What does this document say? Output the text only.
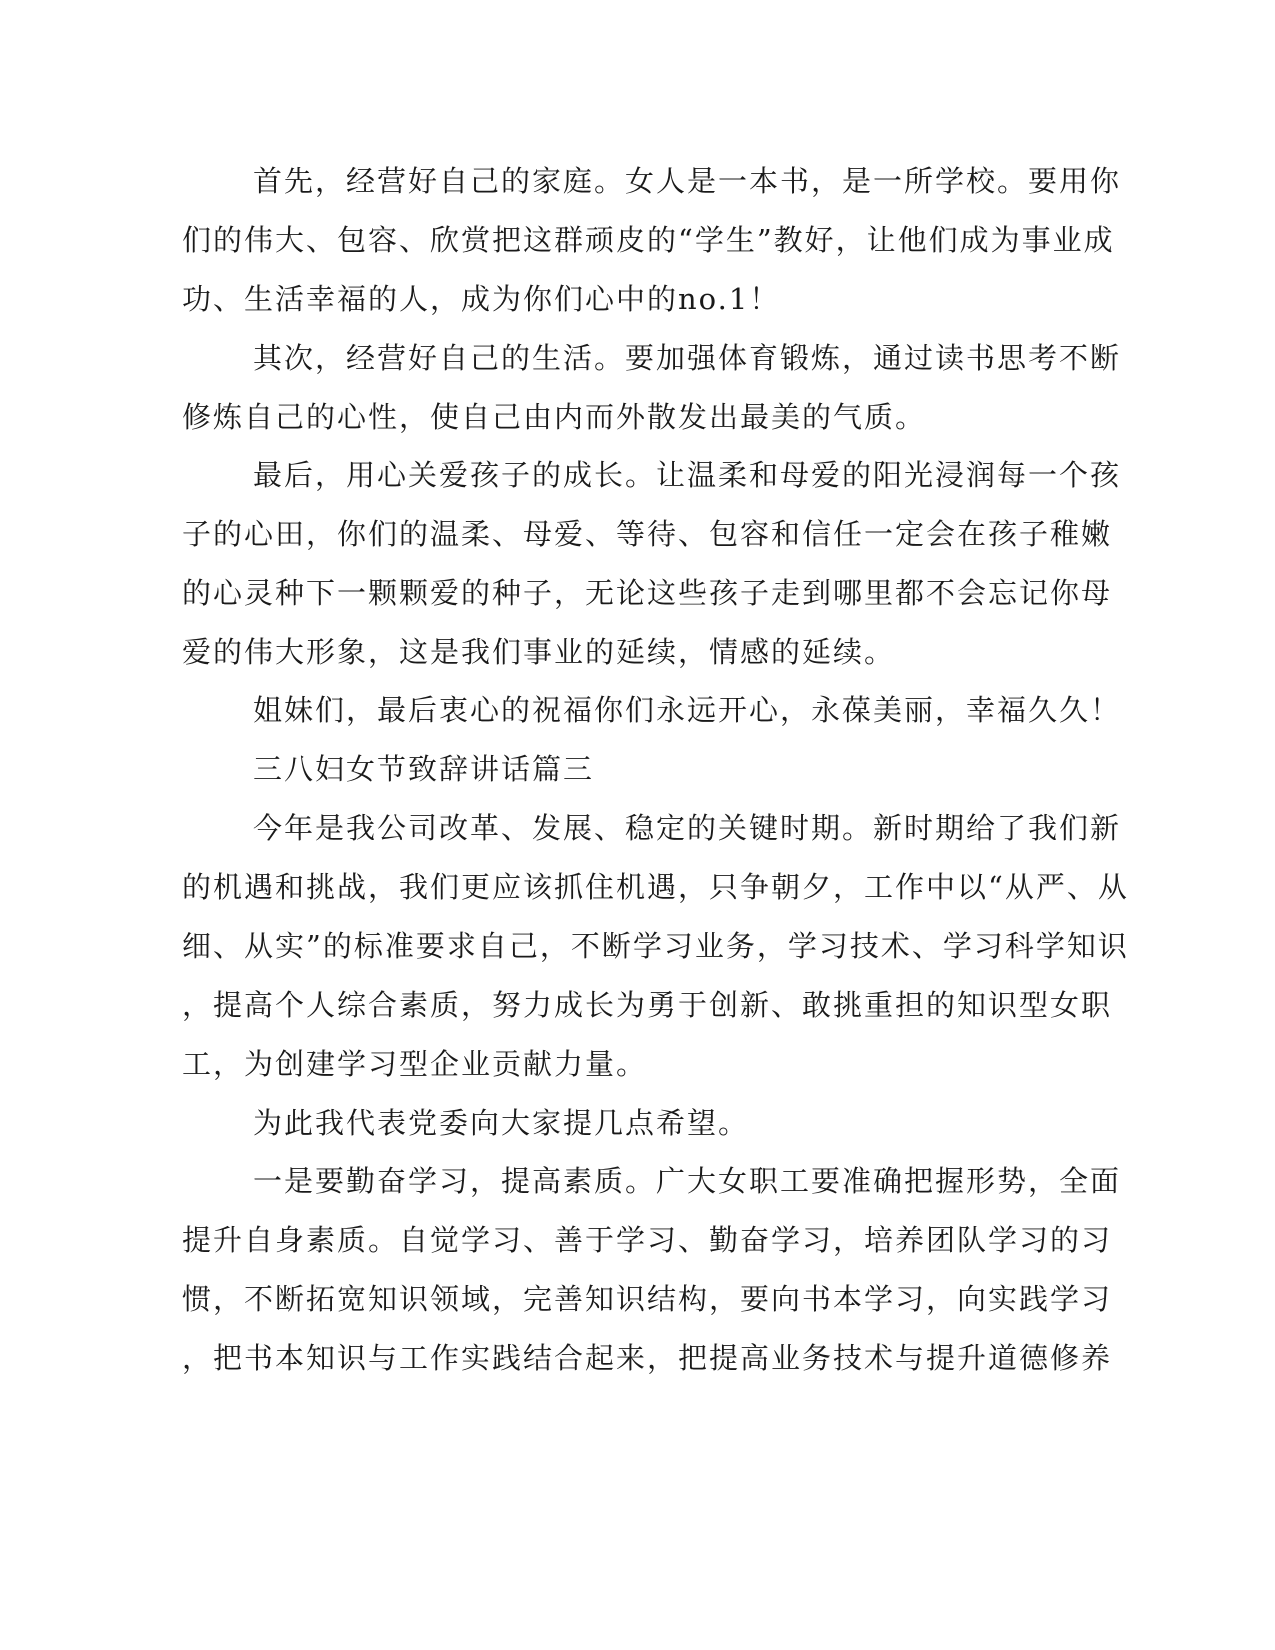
首先，经营好自己的家庭。女人是一本书，是一所学校。要用你
们的伟大、包容、欣赏把这群顽皮的“学生”教好，让他们成为事业成
功、生活幸福的人，成为你们心中的no.1！
其次，经营好自己的生活。要加强体育锻炼，通过读书思考不断
修炼自己的心性，使自己由内而外散发出最美的气质。
最后，用心关爱孩子的成长。让温柔和母爱的阳光浸润每一个孩
子的心田，你们的温柔、母爱、等待、包容和信任一定会在孩子稚嫩
的心灵种下一颗颗爱的种子，无论这些孩子走到哪里都不会忘记你母
爱的伟大形象，这是我们事业的延续，情感的延续。
姐妹们，最后衷心的祝福你们永远开心，永葆美丽，幸福久久！
三八妇女节致辞讲话篇三
今年是我公司改革、发展、稳定的关键时期。新时期给了我们新
的机遇和挑战，我们更应该抓住机遇，只争朝夕，工作中以“从严、从
细、从实”的标准要求自己，不断学习业务，学习技术、学习科学知识
，提高个人综合素质，努力成长为勇于创新、敢挑重担的知识型女职
工，为创建学习型企业贡献力量。
为此我代表党委向大家提几点希望。
一是要勤奋学习，提高素质。广大女职工要准确把握形势，全面
提升自身素质。自觉学习、善于学习、勤奋学习，培养团队学习的习
惯，不断拓宽知识领域，完善知识结构，要向书本学习，向实践学习
，把书本知识与工作实践结合起来，把提高业务技术与提升道德修养
